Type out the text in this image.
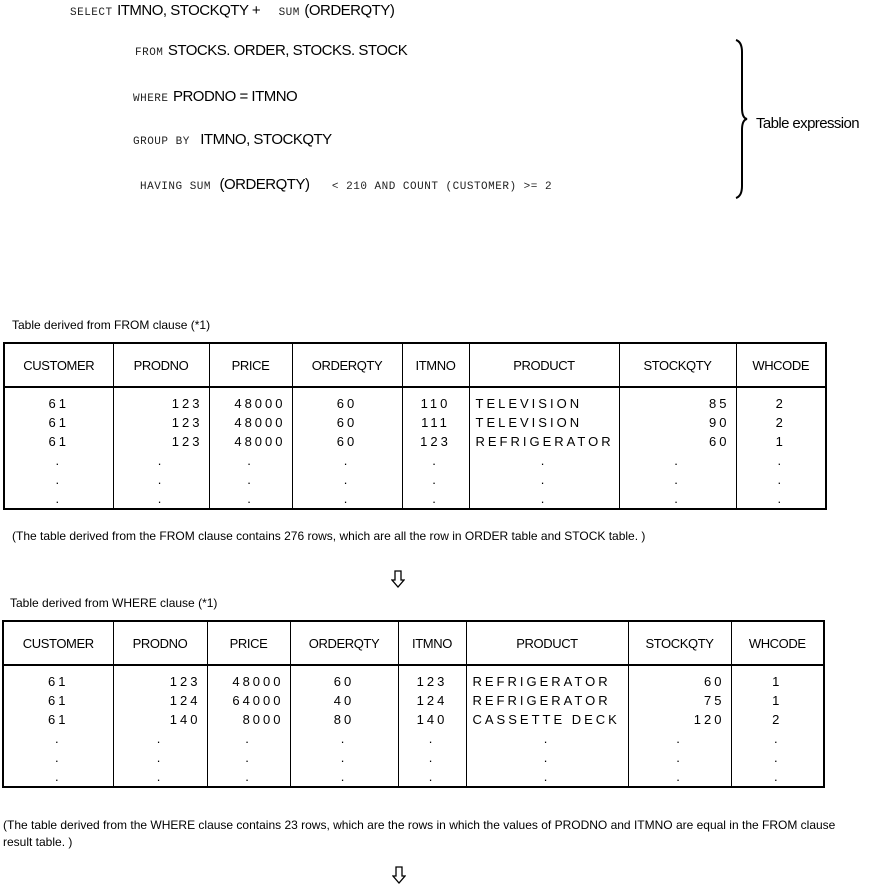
SELECT ITMNO, STOCKQTY + SUM (ORDERQTY)
FROM STOCKS. ORDER, STOCKS. STOCK
WHERE PRODNO = ITMNO
GROUP BY ITMNO, STOCKQTY
HAVING SUM (ORDERQTY) < 210 AND COUNT (CUSTOMER) >= 2
Table expression
Table derived from FROM clause (*1)
CUSTOMER	PRODNO	PRICE	ORDERQTY	ITMNO	PRODUCT	STOCKQTY	WHCODE
61	123	48000	60	110	TELEVISION	85	2
61	123	48000	60	111	TELEVISION	90	2
61	123	48000	60	123	REFRIGERATOR	60	1
.	.	.	.	.	.	.	.
.	.	.	.	.	.	.	.
.	.	.	.	.	.	.	.
(The table derived from the FROM clause contains 276 rows, which are all the row in ORDER table and STOCK table. )
Table derived from WHERE clause (*1)
CUSTOMER	PRODNO	PRICE	ORDERQTY	ITMNO	PRODUCT	STOCKQTY	WHCODE
61	123	48000	60	123	REFRIGERATOR	60	1
61	124	64000	40	124	REFRIGERATOR	75	1
61	140	8000	80	140	CASSETTE DECK	120	2
.	.	.	.	.	.	.	.
.	.	.	.	.	.	.	.
.	.	.	.	.	.	.	.
(The table derived from the WHERE clause contains 23 rows, which are the rows in which the values of PRODNO and ITMNO are equal in the FROM clause result table. )
